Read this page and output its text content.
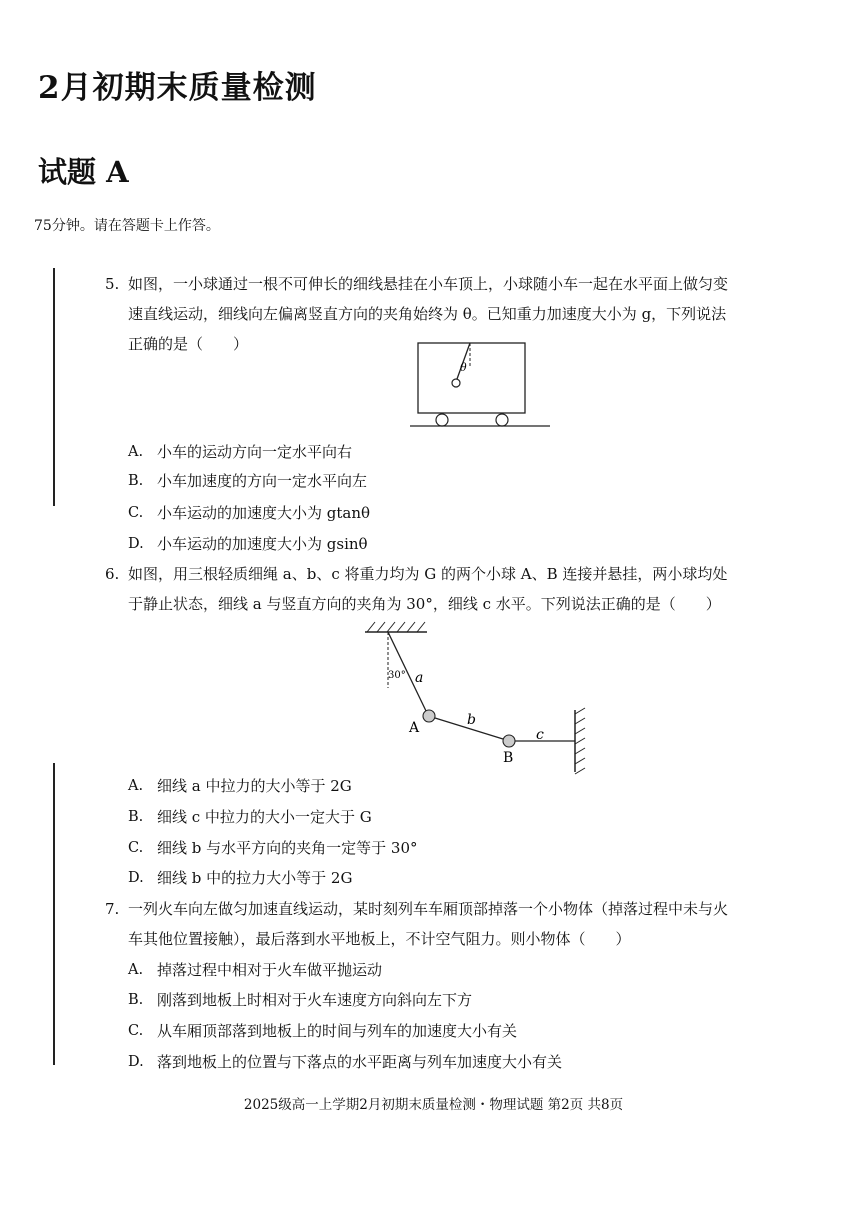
2月初期末质量检测
试题 A
75分钟。请在答题卡上作答。
5. 如图，一小球通过一根不可伸长的细线悬挂在小车顶上，小球随小车一起在水平面上做匀变
速直线运动，细线向左偏离竖直方向的夹角始终为 θ。已知重力加速度大小为 g，下列说法
正确的是（　　）
θ
A. 小车的运动方向一定水平向右
B. 小车加速度的方向一定水平向左
C. 小车运动的加速度大小为 gtanθ
D. 小车运动的加速度大小为 gsinθ
6. 如图，用三根轻质细绳 a、b、c 将重力均为 G 的两个小球 A、B 连接并悬挂，两小球均处
于静止状态，细线 a 与竖直方向的夹角为 30°，细线 c 水平。下列说法正确的是（　　）
30° a
b
c
A
B
A. 细线 a 中拉力的大小等于 2G
B. 细线 c 中拉力的大小一定大于 G
C. 细线 b 与水平方向的夹角一定等于 30°
D. 细线 b 中的拉力大小等于 2G
7. 一列火车向左做匀加速直线运动，某时刻列车车厢顶部掉落一个小物体（掉落过程中未与火
车其他位置接触），最后落到水平地板上，不计空气阻力。则小物体（　　）
A. 掉落过程中相对于火车做平抛运动
B. 刚落到地板上时相对于火车速度方向斜向左下方
C. 从车厢顶部落到地板上的时间与列车的加速度大小有关
D. 落到地板上的位置与下落点的水平距离与列车加速度大小有关
2025级高一上学期2月初期末质量检测・物理试题 第2页 共8页
